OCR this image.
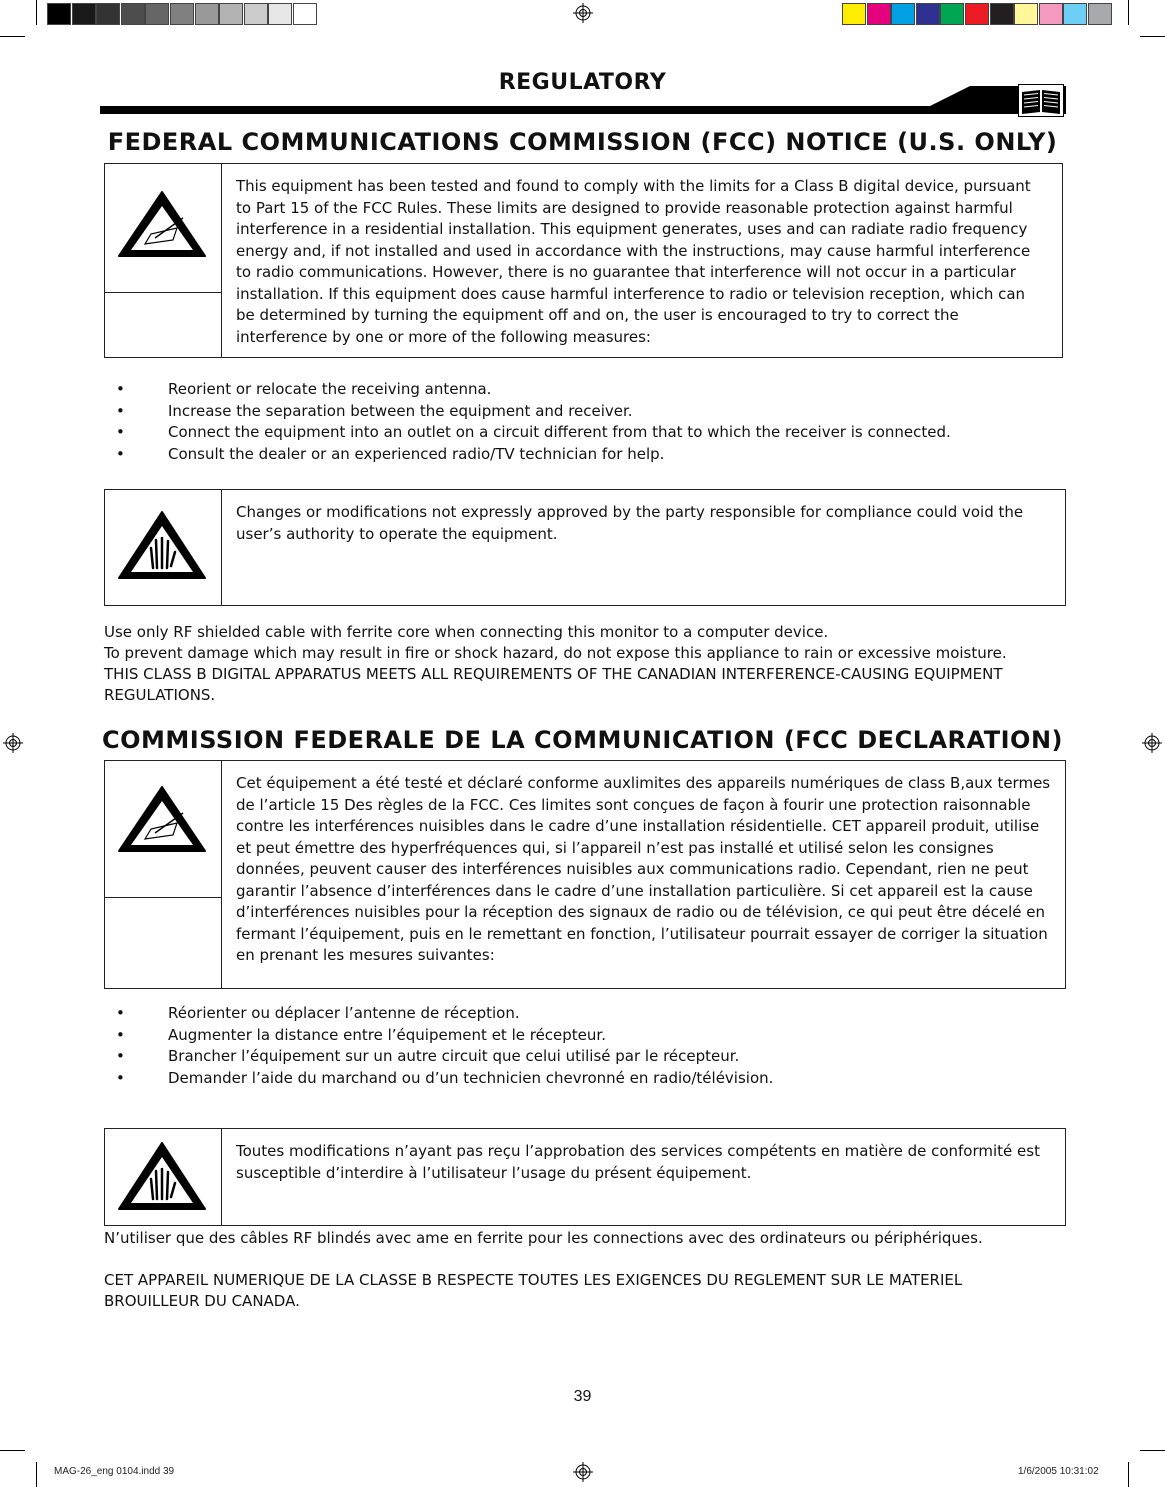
REGULATORY
FEDERAL COMMUNICATIONS COMMISSION (FCC) NOTICE (U.S. ONLY)
This equipment has been tested and found to comply with the limits for a Class B digital device, pursuant to Part 15 of the FCC Rules. These limits are designed to provide reasonable protection against harmful interference in a residential installation. This equipment generates, uses and can radiate radio frequency energy and, if not installed and used in accordance with the instructions, may cause harmful interference to radio communications. However, there is no guarantee that interference will not occur in a particular installation. If this equipment does cause harmful interference to radio or television reception, which can be determined by turning the equipment off and on, the user is encouraged to try to correct the interference by one or more of the following measures:
•	Reorient or relocate the receiving antenna.
•	Increase the separation between the equipment and receiver.
•	Connect the equipment into an outlet on a circuit different from that to which the receiver is connected.
•	Consult the dealer or an experienced radio/TV technician for help.
Changes or modifications not expressly approved by the party responsible for compliance could void the user’s authority to operate the equipment.
Use only RF shielded cable with ferrite core when connecting this monitor to a computer device.
To prevent damage which may result in fire or shock hazard, do not expose this appliance to rain or excessive moisture.
THIS CLASS B DIGITAL APPARATUS MEETS ALL REQUIREMENTS OF THE CANADIAN INTERFERENCE-CAUSING EQUIPMENT REGULATIONS.
COMMISSION FEDERALE DE LA COMMUNICATION (FCC DECLARATION)
Cet équipement a été testé et déclaré conforme auxlimites des appareils numériques de class B,aux termes de l’article 15 Des règles de la FCC. Ces limites sont conçues de façon à fourir une protection raisonnable contre les interférences nuisibles dans le cadre d’une installation résidentielle. CET appareil produit, utilise et peut émettre des hyperfréquences qui, si l’appareil n’est pas installé et utilisé selon les consignes données, peuvent causer des interférences nuisibles aux communications radio. Cependant, rien ne peut garantir l’absence d’interférences dans le cadre d’une installation particulière. Si cet appareil est la cause d’interférences nuisibles pour la réception des signaux de radio ou de télévision, ce qui peut être décelé en fermant l’équipement, puis en le remettant en fonction, l’utilisateur pourrait essayer de corriger la situation en prenant les mesures suivantes:
•	Réorienter ou déplacer l’antenne de réception.
•	Augmenter la distance entre l’équipement et le récepteur.
•	Brancher l’équipement sur un autre circuit que celui utilisé par le récepteur.
•	Demander l’aide du marchand ou d’un technicien chevronné en radio/télévision.
Toutes modifications n’ayant pas reçu l’approbation des services compétents en matière de conformité est susceptible d’interdire à l’utilisateur l’usage du présent équipement.
N’utiliser que des câbles RF blindés avec ame en ferrite pour les connections avec des ordinateurs ou périphériques.
CET APPAREIL NUMERIQUE DE LA CLASSE B RESPECTE TOUTES LES EXIGENCES DU REGLEMENT SUR LE MATERIEL BROUILLEUR DU CANADA.
39
MAG-26_eng 0104.indd 39	1/6/2005 10:31:02
